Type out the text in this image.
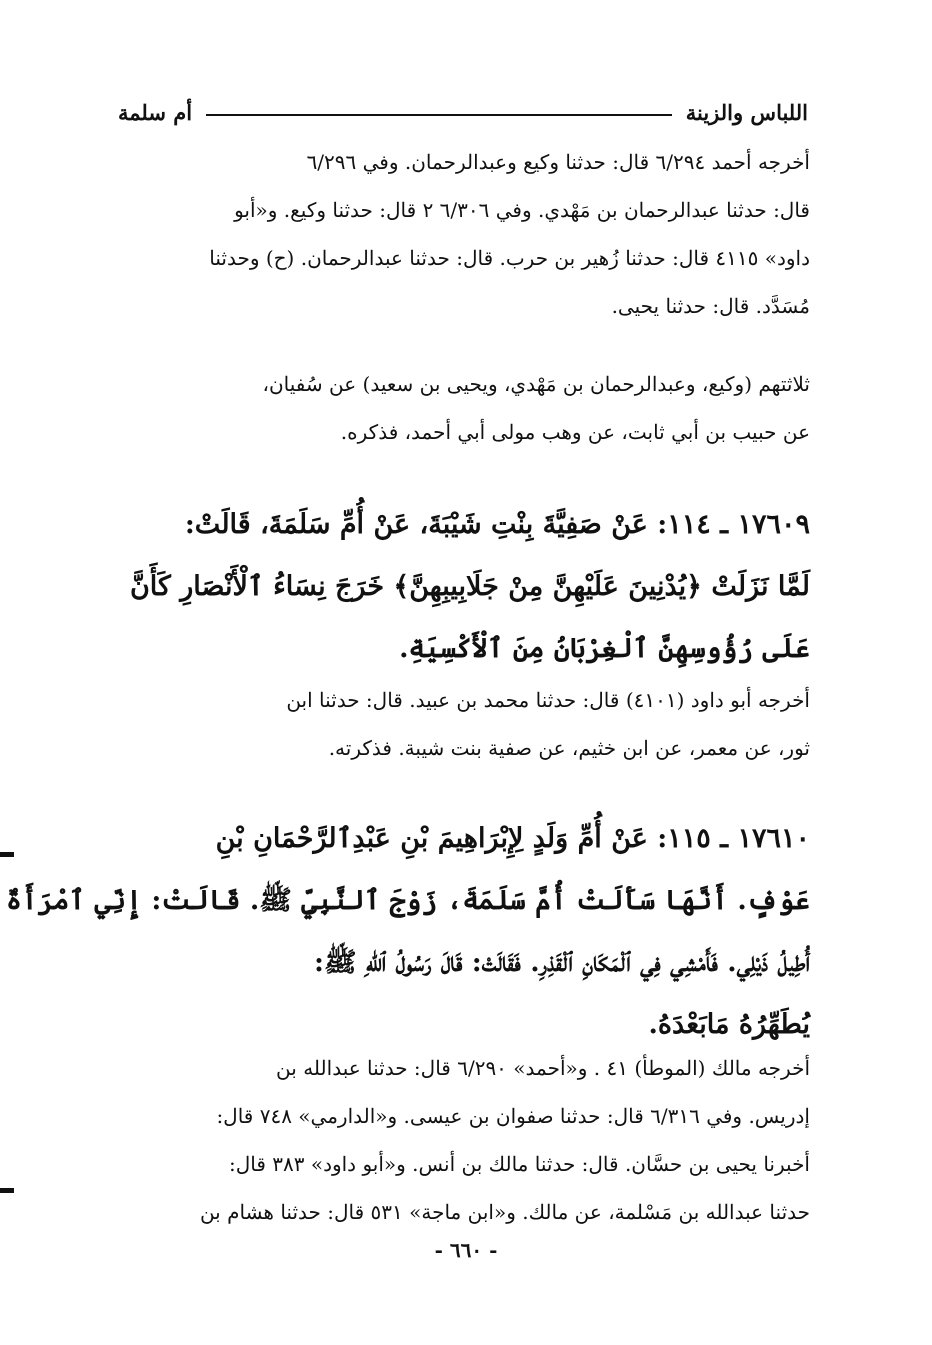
اللباس والزينة
أم سلمة
أخرجه أحمد ٦/٢٩٤ قال: حدثنا وكيع وعبدالرحمان. وفي ٦/٢٩٦
قال: حدثنا عبدالرحمان بن مَهْدي. وفي ٦/٣٠٦ ٢ قال: حدثنا وكيع. و«أبو
داود» ٤١١٥ قال: حدثنا زُهير بن حرب. قال: حدثنا عبدالرحمان. (ح) وحدثنا
مُسَدَّد. قال: حدثنا يحيى.
ثلاثتهم (وكيع، وعبدالرحمان بن مَهْدي، ويحيى بن سعيد) عن سُفيان،
عن حبيب بن أبي ثابت، عن وهب مولى أبي أحمد، فذكره.
١٧٦٠٩ ـ ١١٤: عَنْ صَفِيَّةَ بِنْتِ شَيْبَةَ، عَنْ أُمِّ سَلَمَةَ، قَالَتْ:
لَمَّا نَزَلَتْ ﴿يُدْنِينَ عَلَيْهِنَّ مِنْ جَلَابِيبِهِنَّ﴾ خَرَجَ نِسَاءُ ٱلْأَنْصَارِ كَأَنَّ
عَلَى رُؤُوسِهِنَّ ٱلْغِرْبَانُ مِنَ ٱلْأَكْسِيَةِ.
أخرجه أبو داود (٤١٠١) قال: حدثنا محمد بن عبيد. قال: حدثنا ابن
ثور، عن معمر، عن ابن خثيم، عن صفية بنت شيبة. فذكرته.
١٧٦١٠ ـ ١١٥: عَنْ أُمِّ وَلَدٍ لِإِبْرَاهِيمَ بْنِ عَبْدِٱلرَّحْمَانِ بْنِ
عَوْفٍ. أَنَّهَا سَأَلَتْ أُمَّ سَلَمَةَ، زَوْجَ ٱلنَّبِيِّ ﷺ. قَالَتْ: إِنِّي ٱمْرَأَةٌ
أُطِيلُ ذَيْلِي. فَأَمْشِي فِي ٱلْمَكَانِ ٱلْقَذِرِ. فَقَالَتْ: قَالَ رَسُولُ ٱللهِ ﷺ:
يُطَهِّرُهُ مَابَعْدَهُ.
أخرجه مالك (الموطأ) ٤١ . و«أحمد» ٦/٢٩٠ قال: حدثنا عبدالله بن
إدريس. وفي ٦/٣١٦ قال: حدثنا صفوان بن عيسى. و«الدارمي» ٧٤٨ قال:
أخبرنا يحيى بن حسَّان. قال: حدثنا مالك بن أنس. و«أبو داود» ٣٨٣ قال:
حدثنا عبدالله بن مَسْلمة، عن مالك. و«ابن ماجة» ٥٣١ قال: حدثنا هشام بن
- ٦٦٠ -
